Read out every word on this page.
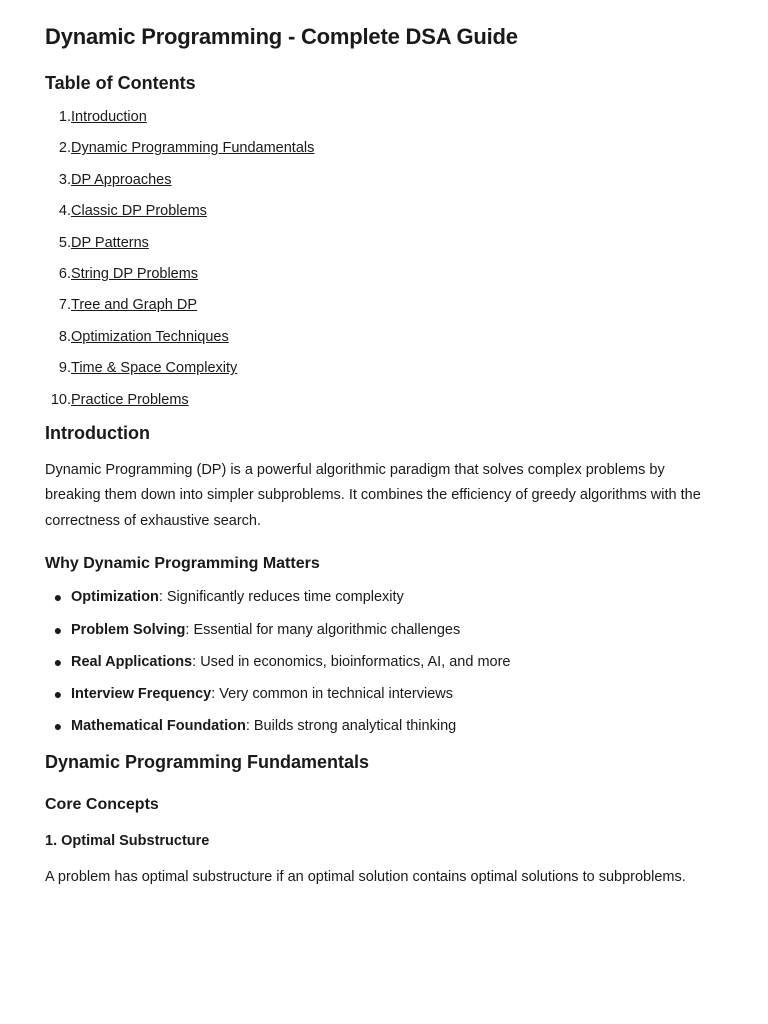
Dynamic Programming - Complete DSA Guide
Table of Contents
1. Introduction
2. Dynamic Programming Fundamentals
3. DP Approaches
4. Classic DP Problems
5. DP Patterns
6. String DP Problems
7. Tree and Graph DP
8. Optimization Techniques
9. Time & Space Complexity
10. Practice Problems
Introduction

Dynamic Programming (DP) is a powerful algorithmic paradigm that solves complex problems by breaking them down into simpler subproblems. It combines the efficiency of greedy algorithms with the correctness of exhaustive search.

Why Dynamic Programming Matters
● Optimization: Significantly reduces time complexity
● Problem Solving: Essential for many algorithmic challenges
● Real Applications: Used in economics, bioinformatics, AI, and more
● Interview Frequency: Very common in technical interviews
● Mathematical Foundation: Builds strong analytical thinking
Dynamic Programming Fundamentals
Core Concepts
1. Optimal Substructure

A problem has optimal substructure if an optimal solution contains optimal solutions to subproblems.
